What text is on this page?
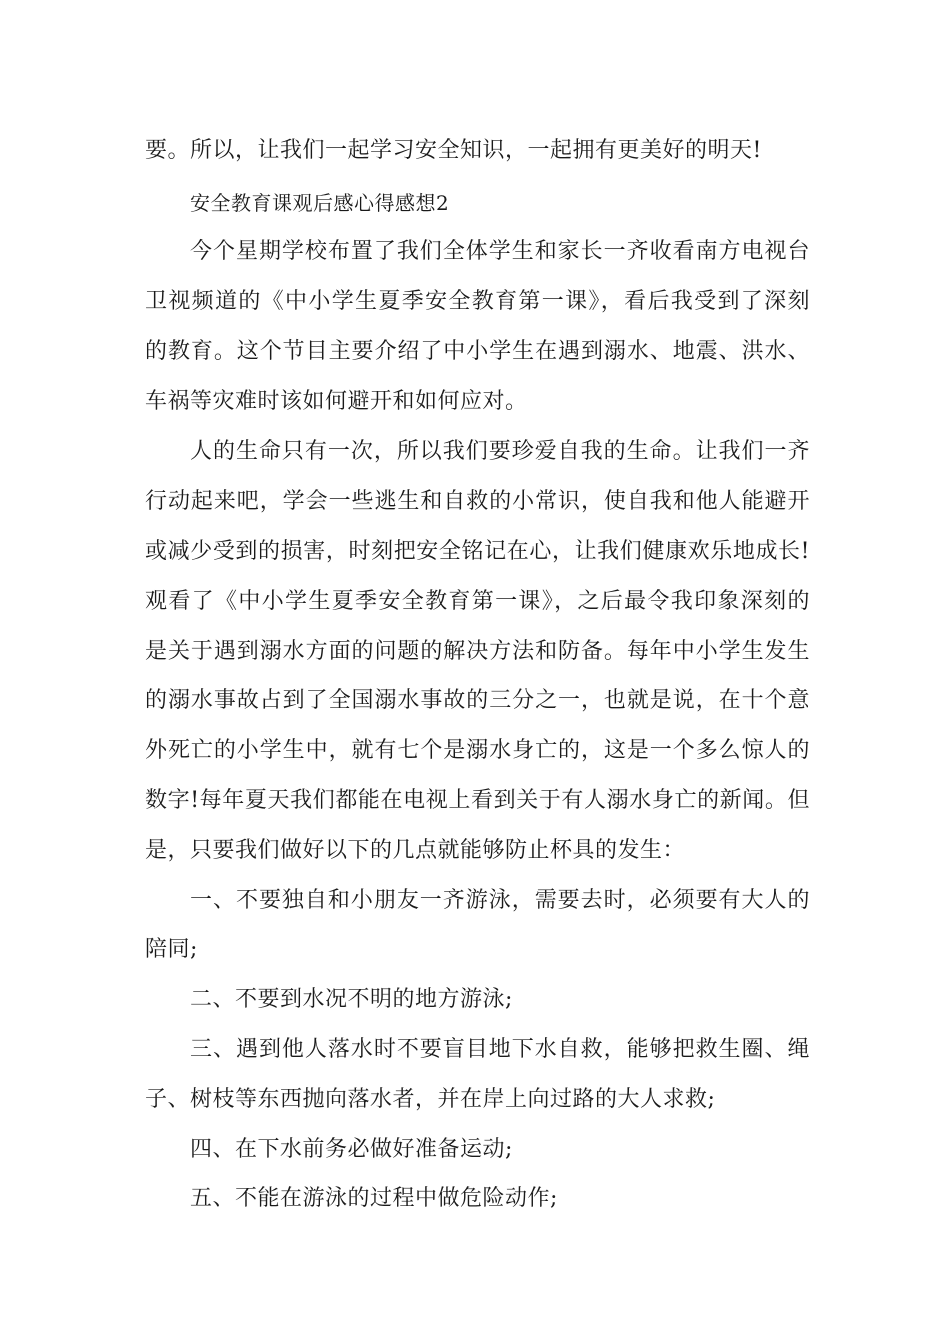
要。所以，让我们一起学习安全知识，一起拥有更美好的明天!
安全教育课观后感心得感想2
今个星期学校布置了我们全体学生和家长一齐收看南方电视台
卫视频道的《中小学生夏季安全教育第一课》，看后我受到了深刻
的教育。这个节目主要介绍了中小学生在遇到溺水、地震、洪水、
车祸等灾难时该如何避开和如何应对。
人的生命只有一次，所以我们要珍爱自我的生命。让我们一齐
行动起来吧，学会一些逃生和自救的小常识，使自我和他人能避开
或减少受到的损害，时刻把安全铭记在心，让我们健康欢乐地成长!
观看了《中小学生夏季安全教育第一课》，之后最令我印象深刻的
是关于遇到溺水方面的问题的解决方法和防备。每年中小学生发生
的溺水事故占到了全国溺水事故的三分之一，也就是说，在十个意
外死亡的小学生中，就有七个是溺水身亡的，这是一个多么惊人的
数字!每年夏天我们都能在电视上看到关于有人溺水身亡的新闻。但
是，只要我们做好以下的几点就能够防止杯具的发生：
一、不要独自和小朋友一齐游泳，需要去时，必须要有大人的
陪同;
二、不要到水况不明的地方游泳;
三、遇到他人落水时不要盲目地下水自救，能够把救生圈、绳
子、树枝等东西抛向落水者，并在岸上向过路的大人求救;
四、在下水前务必做好准备运动;
五、不能在游泳的过程中做危险动作;
